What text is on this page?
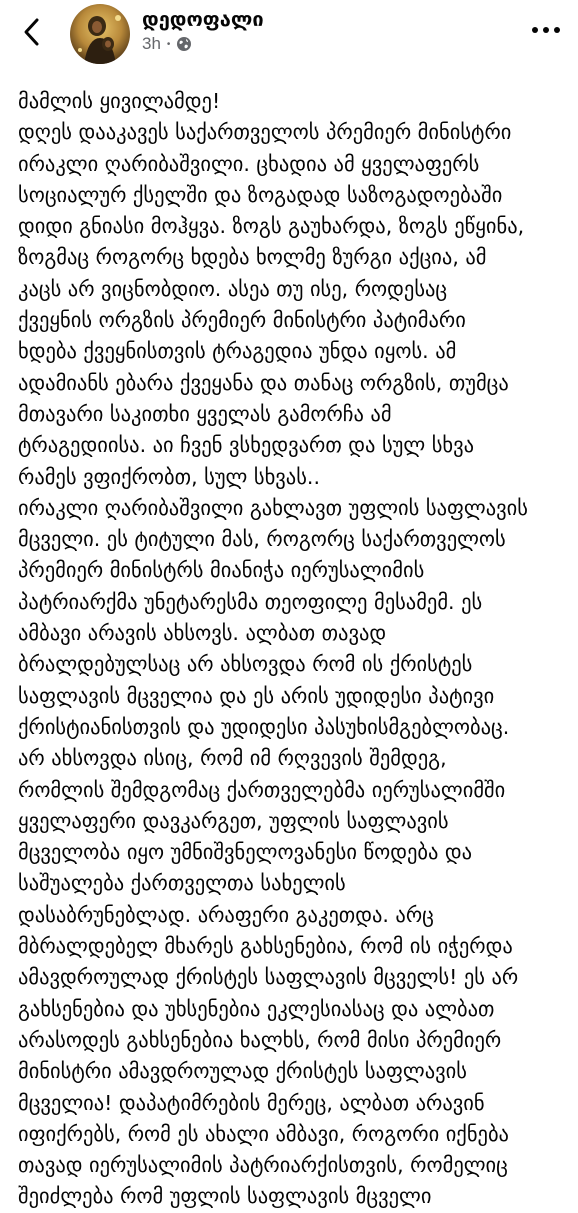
დედოფალი
3h •
მამლის ყივილამდე!
დღეს დააკავეს საქართველოს პრემიერ მინისტრი
ირაკლი ღარიბაშვილი. ცხადია ამ ყველაფერს
სოციალურ ქსელში და ზოგადად საზოგადოებაში
დიდი გნიასი მოჰყვა. ზოგს გაუხარდა, ზოგს ეწყინა,
ზოგმაც როგორც ხდება ხოლმე ზურგი აქცია, ამ
კაცს არ ვიცნობდიო. ასეა თუ ისე, როდესაც
ქვეყნის ორგზის პრემიერ მინისტრი პატიმარი
ხდება ქვეყნისთვის ტრაგედია უნდა იყოს. ამ
ადამიანს ებარა ქვეყანა და თანაც ორგზის, თუმცა
მთავარი საკითხი ყველას გამორჩა ამ
ტრაგედიისა. აი ჩვენ ვსხედვართ და სულ სხვა
რამეს ვფიქრობთ, სულ სხვას..
ირაკლი ღარიბაშვილი გახლავთ უფლის საფლავის
მცველი. ეს ტიტული მას, როგორც საქართველოს
პრემიერ მინისტრს მიანიჭა იერუსალიმის
პატრიარქმა უნეტარესმა თეოფილე მესამემ. ეს
ამბავი არავის ახსოვს. ალბათ თავად
ბრალდებულსაც არ ახსოვდა რომ ის ქრისტეს
საფლავის მცველია და ეს არის უდიდესი პატივი
ქრისტიანისთვის და უდიდესი პასუხისმგებლობაც.
არ ახსოვდა ისიც, რომ იმ რღვევის შემდეგ,
რომლის შემდგომაც ქართველებმა იერუსალიმში
ყველაფერი დავკარგეთ, უფლის საფლავის
მცველობა იყო უმნიშვნელოვანესი წოდება და
საშუალება ქართველთა სახელის
დასაბრუნებლად. არაფერი გაკეთდა. არც
მბრალდებელ მხარეს გახსენებია, რომ ის იჭერდა
ამავდროულად ქრისტეს საფლავის მცველს! ეს არ
გახსენებია და უხსენებია ეკლესიასაც და ალბათ
არასოდეს გახსენებია ხალხს, რომ მისი პრემიერ
მინისტრი ამავდროულად ქრისტეს საფლავის
მცველია! დაპატიმრების მერეც, ალბათ არავინ
იფიქრებს, რომ ეს ახალი ამბავი, როგორი იქნება
თავად იერუსალიმის პატრიარქისთვის, რომელიც
შეიძლება რომ უფლის საფლავის მცველი
